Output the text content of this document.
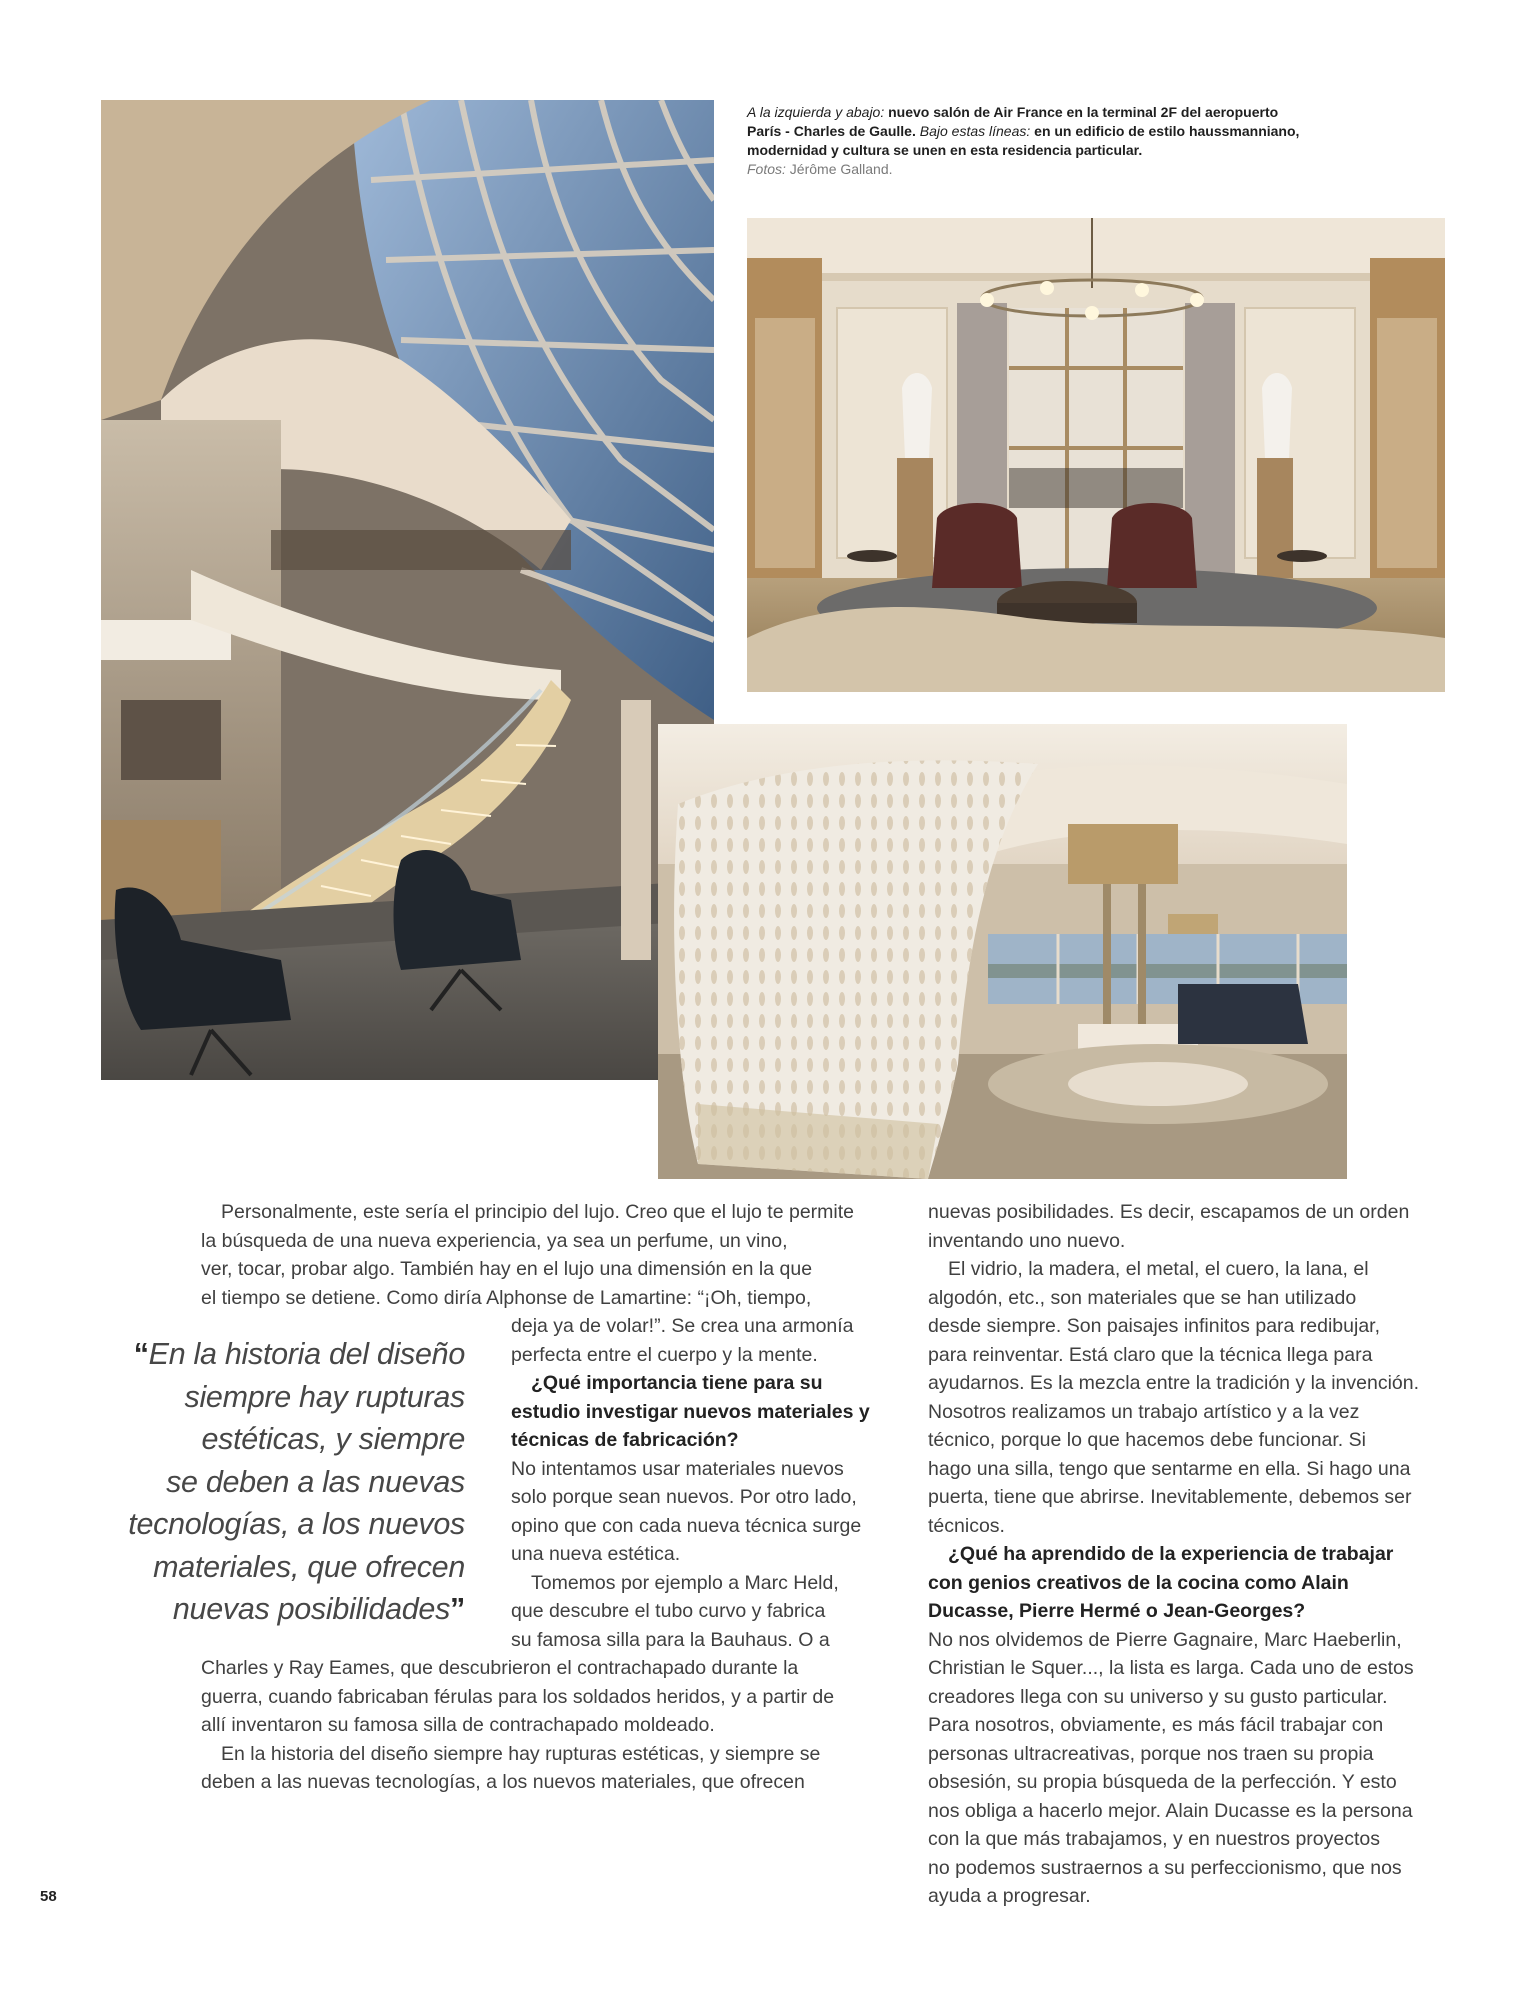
A la izquierda y abajo: nuevo salón de Air France en la terminal 2F del aeropuerto
París - Charles de Gaulle. Bajo estas líneas: en un edificio de estilo haussmanniano,
modernidad y cultura se unen en esta residencia particular.
Fotos: Jérôme Galland.
Personalmente, este sería el principio del lujo. Creo que el lujo te permite
la búsqueda de una nueva experiencia, ya sea un perfume, un vino,
ver, tocar, probar algo. También hay en el lujo una dimensión en la que
el tiempo se detiene. Como diría Alphonse de Lamartine: “¡Oh, tiempo,
deja ya de volar!”. Se crea una armonía
perfecta entre el cuerpo y la mente.
¿Qué importancia tiene para su
estudio investigar nuevos materiales y
técnicas de fabricación?
No intentamos usar materiales nuevos
solo porque sean nuevos. Por otro lado,
opino que con cada nueva técnica surge
una nueva estética.
Tomemos por ejemplo a Marc Held,
que descubre el tubo curvo y fabrica
su famosa silla para la Bauhaus. O a
Charles y Ray Eames, que descubrieron el contrachapado durante la
guerra, cuando fabricaban férulas para los soldados heridos, y a partir de
allí inventaron su famosa silla de contrachapado moldeado.
En la historia del diseño siempre hay rupturas estéticas, y siempre se
deben a las nuevas tecnologías, a los nuevos materiales, que ofrecen
“En la historia del diseño
siempre hay rupturas
estéticas, y siempre
se deben a las nuevas
tecnologías, a los nuevos
materiales, que ofrecen
nuevas posibilidades”
nuevas posibilidades. Es decir, escapamos de un orden
inventando uno nuevo.
El vidrio, la madera, el metal, el cuero, la lana, el
algodón, etc., son materiales que se han utilizado
desde siempre. Son paisajes infinitos para redibujar,
para reinventar. Está claro que la técnica llega para
ayudarnos. Es la mezcla entre la tradición y la invención.
Nosotros realizamos un trabajo artístico y a la vez
técnico, porque lo que hacemos debe funcionar. Si
hago una silla, tengo que sentarme en ella. Si hago una
puerta, tiene que abrirse. Inevitablemente, debemos ser
técnicos.
¿Qué ha aprendido de la experiencia de trabajar
con genios creativos de la cocina como Alain
Ducasse, Pierre Hermé o Jean-Georges?
No nos olvidemos de Pierre Gagnaire, Marc Haeberlin,
Christian le Squer..., la lista es larga. Cada uno de estos
creadores llega con su universo y su gusto particular.
Para nosotros, obviamente, es más fácil trabajar con
personas ultracreativas, porque nos traen su propia
obsesión, su propia búsqueda de la perfección. Y esto
nos obliga a hacerlo mejor. Alain Ducasse es la persona
con la que más trabajamos, y en nuestros proyectos
no podemos sustraernos a su perfeccionismo, que nos
ayuda a progresar.
58
